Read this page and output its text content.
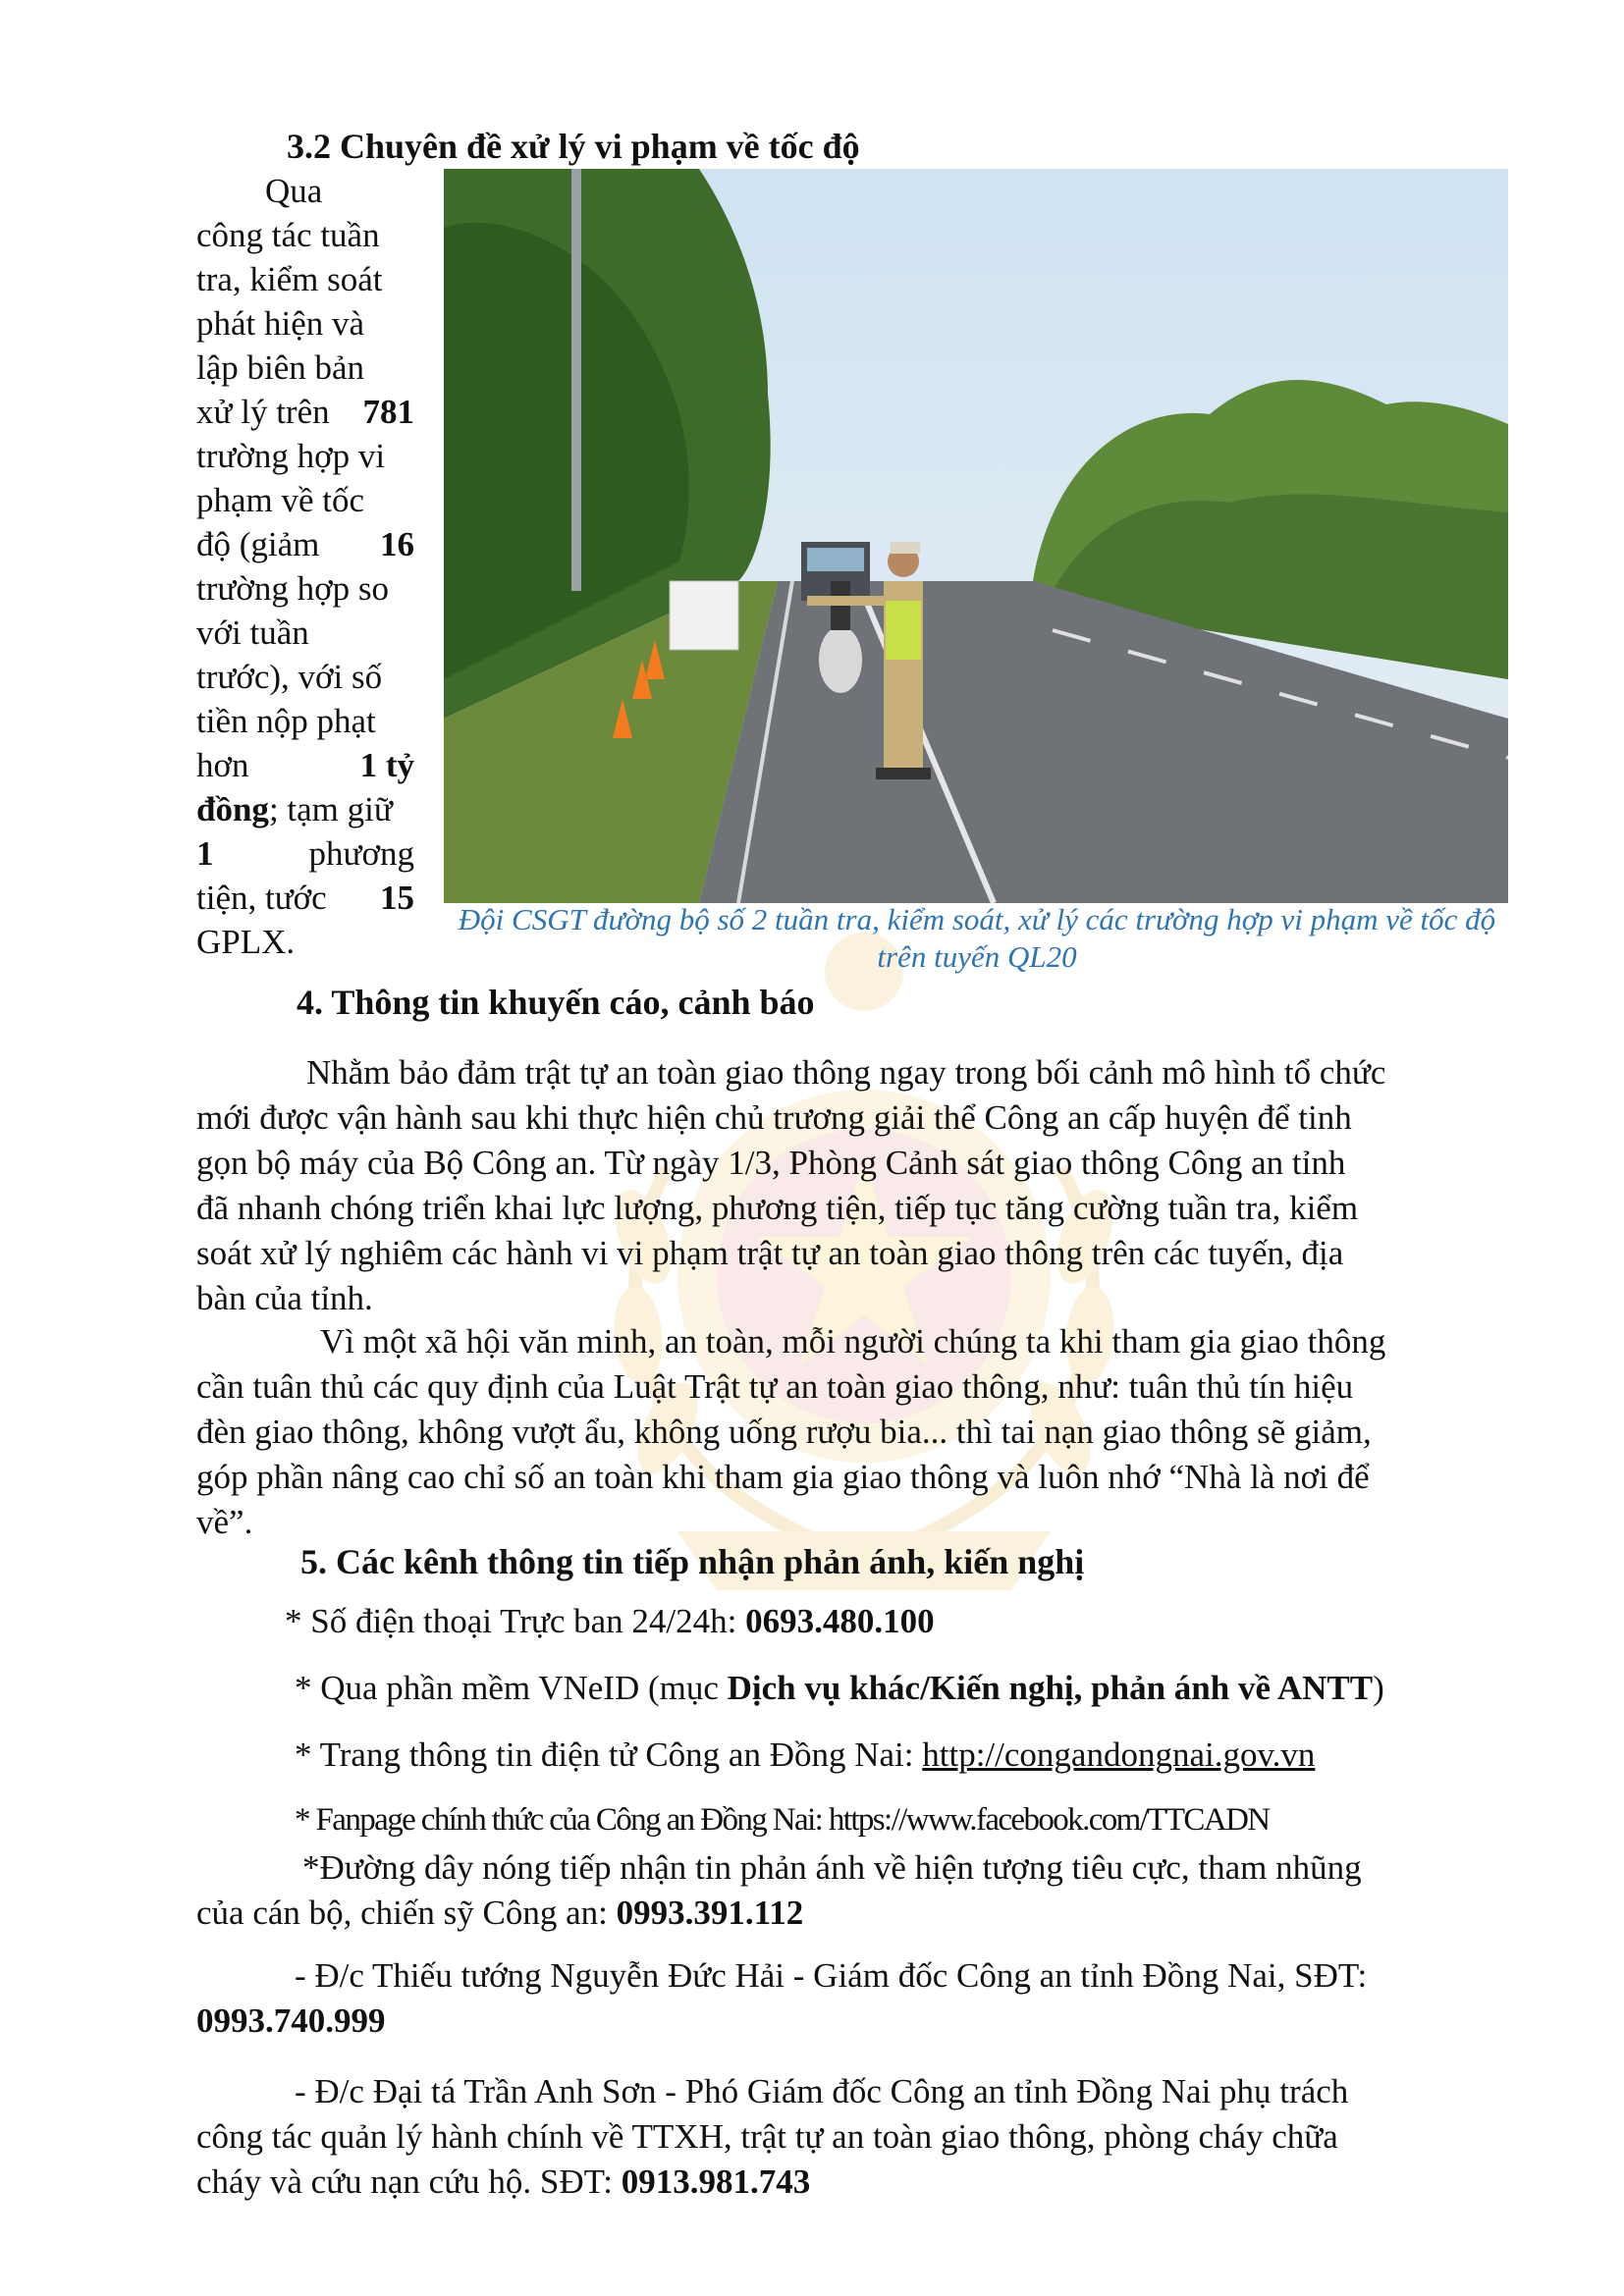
3.2 Chuyên đề xử lý vi phạm về tốc độ
Qua
công tác tuần
tra, kiểm soát
phát hiện và
lập biên bản
xử lý trên 781
trường hợp vi
phạm về tốc
độ (giảm 16
trường hợp so
với tuần
trước), với số
tiền nộp phạt
hơn	1 tỷ
đồng; tạm giữ
1	phương
tiện, tước 15
GPLX.
Đội CSGT đường bộ số 2 tuần tra, kiểm soát, xử lý các trường hợp vi phạm về tốc độ trên tuyến QL20
4. Thông tin khuyến cáo, cảnh báo
Nhằm bảo đảm trật tự an toàn giao thông ngay trong bối cảnh mô hình tổ chức
mới được vận hành sau khi thực hiện chủ trương giải thể Công an cấp huyện để tinh
gọn bộ máy của Bộ Công an. Từ ngày 1/3, Phòng Cảnh sát giao thông Công an tỉnh
đã nhanh chóng triển khai lực lượng, phương tiện, tiếp tục tăng cường tuần tra, kiểm
soát xử lý nghiêm các hành vi vi phạm trật tự an toàn giao thông trên các tuyến, địa
bàn của tỉnh.
Vì một xã hội văn minh, an toàn, mỗi người chúng ta khi tham gia giao thông
cần tuân thủ các quy định của Luật Trật tự an toàn giao thông, như: tuân thủ tín hiệu
đèn giao thông, không vượt ẩu, không uống rượu bia... thì tai nạn giao thông sẽ giảm,
góp phần nâng cao chỉ số an toàn khi tham gia giao thông và luôn nhớ “Nhà là nơi để
về”.
5. Các kênh thông tin tiếp nhận phản ánh, kiến nghị
* Số điện thoại Trực ban 24/24h: 0693.480.100
* Qua phần mềm VNeID (mục Dịch vụ khác/Kiến nghị, phản ánh về ANTT)
* Trang thông tin điện tử Công an Đồng Nai: http://congandongnai.gov.vn
* Fanpage chính thức của Công an Đồng Nai: https://www.facebook.com/TTCADN
*Đường dây nóng tiếp nhận tin phản ánh về hiện tượng tiêu cực, tham nhũng
của cán bộ, chiến sỹ Công an: 0993.391.112
- Đ/c Thiếu tướng Nguyễn Đức Hải - Giám đốc Công an tỉnh Đồng Nai, SĐT:
0993.740.999
- Đ/c Đại tá Trần Anh Sơn - Phó Giám đốc Công an tỉnh Đồng Nai phụ trách
công tác quản lý hành chính về TTXH, trật tự an toàn giao thông, phòng cháy chữa
cháy và cứu nạn cứu hộ. SĐT: 0913.981.743
